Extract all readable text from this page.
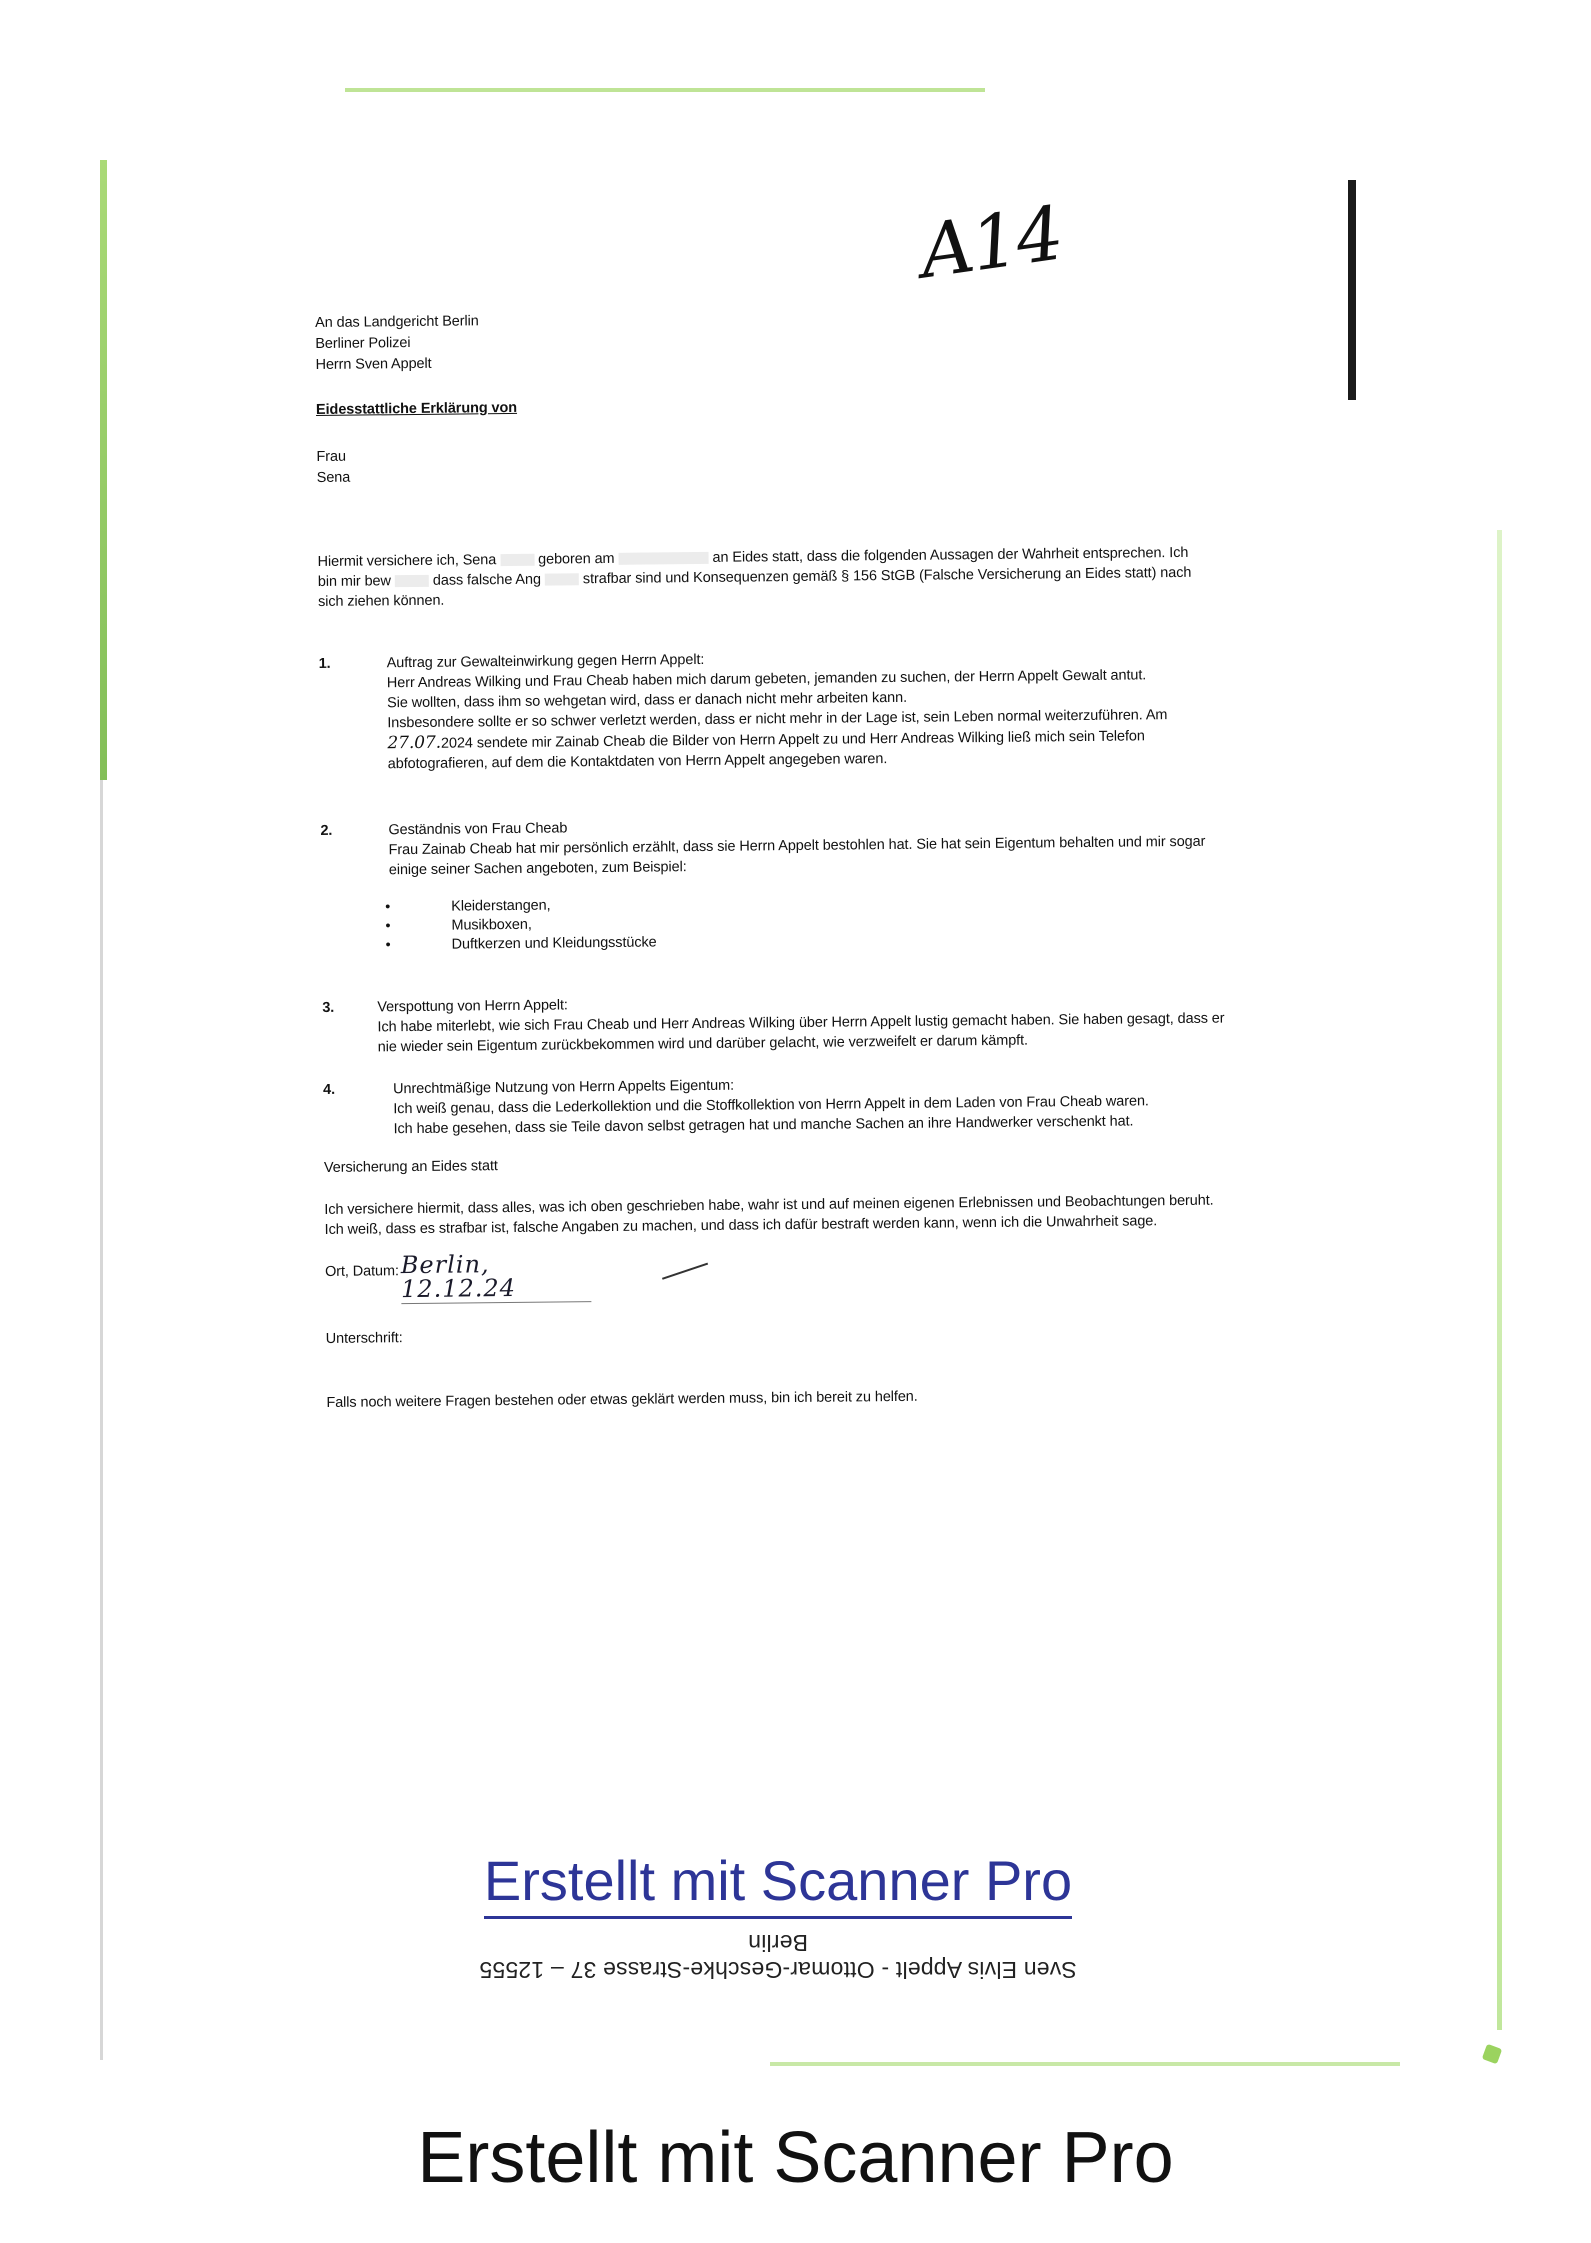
A14
An das Landgericht Berlin
Berliner Polizei
Herrn Sven Appelt
Eidesstattliche Erklärung von
Frau
Sena
Hiermit versichere ich, Sena	geboren am	an Eides statt, dass die folgenden Aussagen der Wahrheit entsprechen. Ich bin mir bew	dass falsche Ang	strafbar sind und Konsequenzen gemäß § 156 StGB (Falsche Versicherung an Eides statt) nach sich ziehen können.
1.	Auftrag zur Gewalteinwirkung gegen Herrn Appelt:

Herr Andreas Wilking und Frau Cheab haben mich darum gebeten, jemanden zu suchen, der Herrn Appelt Gewalt antut.

Sie wollten, dass ihm so wehgetan wird, dass er danach nicht mehr arbeiten kann.

Insbesondere sollte er so schwer verletzt werden, dass er nicht mehr in der Lage ist, sein Leben normal weiterzuführen. Am 27.07.2024 sendete mir Zainab Cheab die Bilder von Herrn Appelt zu und Herr Andreas Wilking ließ mich sein Telefon abfotografieren, auf dem die Kontaktdaten von Herrn Appelt angegeben waren.

2.	Geständnis von Frau Cheab

Frau Zainab Cheab hat mir persönlich erzählt, dass sie Herrn Appelt bestohlen hat. Sie hat sein Eigentum behalten und mir sogar einige seiner Sachen angeboten, zum Beispiel:

• Kleiderstangen,
• Musikboxen,
• Duftkerzen und Kleidungsstücke
3.	Verspottung von Herrn Appelt:

Ich habe miterlebt, wie sich Frau Cheab und Herr Andreas Wilking über Herrn Appelt lustig gemacht haben. Sie haben gesagt, dass er nie wieder sein Eigentum zurückbekommen wird und darüber gelacht, wie verzweifelt er darum kämpft.

4.	Unrechtmäßige Nutzung von Herrn Appelts Eigentum:

Ich weiß genau, dass die Lederkollektion und die Stoffkollektion von Herrn Appelt in dem Laden von Frau Cheab waren.

Ich habe gesehen, dass sie Teile davon selbst getragen hat und manche Sachen an ihre Handwerker verschenkt hat.

Versicherung an Eides statt

Ich versichere hiermit, dass alles, was ich oben geschrieben habe, wahr ist und auf meinen eigenen Erlebnissen und Beobachtungen beruht. Ich weiß, dass es strafbar ist, falsche Angaben zu machen, und dass ich dafür bestraft werden kann, wenn ich die Unwahrheit sage.

Ort, Datum: Berlin, 12.12.24
Unterschrift:
Falls noch weitere Fragen bestehen oder etwas geklärt werden muss, bin ich bereit zu helfen.
Erstellt mit Scanner Pro
Sven Elvis Appelt - Ottomar-Geschke-Strasse 37 – 12555 Berlin
Erstellt mit Scanner Pro
